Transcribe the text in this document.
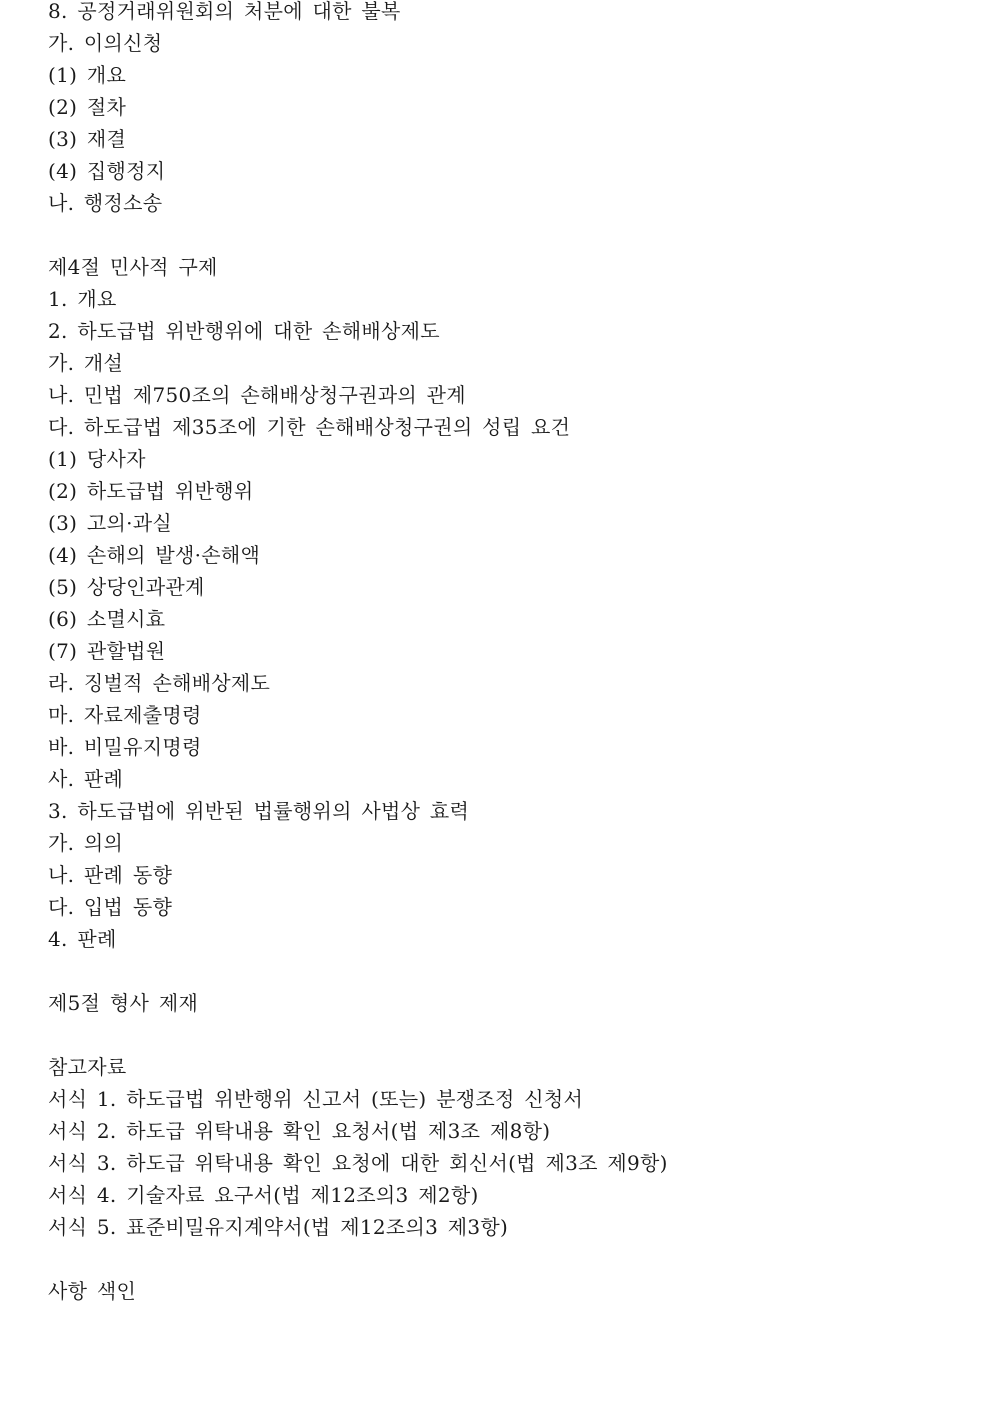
8. 공정거래위원회의 처분에 대한 불복
가. 이의신청
(1) 개요
(2) 절차
(3) 재결
(4) 집행정지
나. 행정소송
제4절 민사적 구제
1. 개요
2. 하도급법 위반행위에 대한 손해배상제도
가. 개설
나. 민법 제750조의 손해배상청구권과의 관계
다. 하도급법 제35조에 기한 손해배상청구권의 성립 요건
(1) 당사자
(2) 하도급법 위반행위
(3) 고의·과실
(4) 손해의 발생·손해액
(5) 상당인과관계
(6) 소멸시효
(7) 관할법원
라. 징벌적 손해배상제도
마. 자료제출명령
바. 비밀유지명령
사. 판례
3. 하도급법에 위반된 법률행위의 사법상 효력
가. 의의
나. 판례 동향
다. 입법 동향
4. 판례
제5절 형사 제재
참고자료
서식 1. 하도급법 위반행위 신고서 (또는) 분쟁조정 신청서
서식 2. 하도급 위탁내용 확인 요청서(법 제3조 제8항)
서식 3. 하도급 위탁내용 확인 요청에 대한 회신서(법 제3조 제9항)
서식 4. 기술자료 요구서(법 제12조의3 제2항)
서식 5. 표준비밀유지계약서(법 제12조의3 제3항)
사항 색인
